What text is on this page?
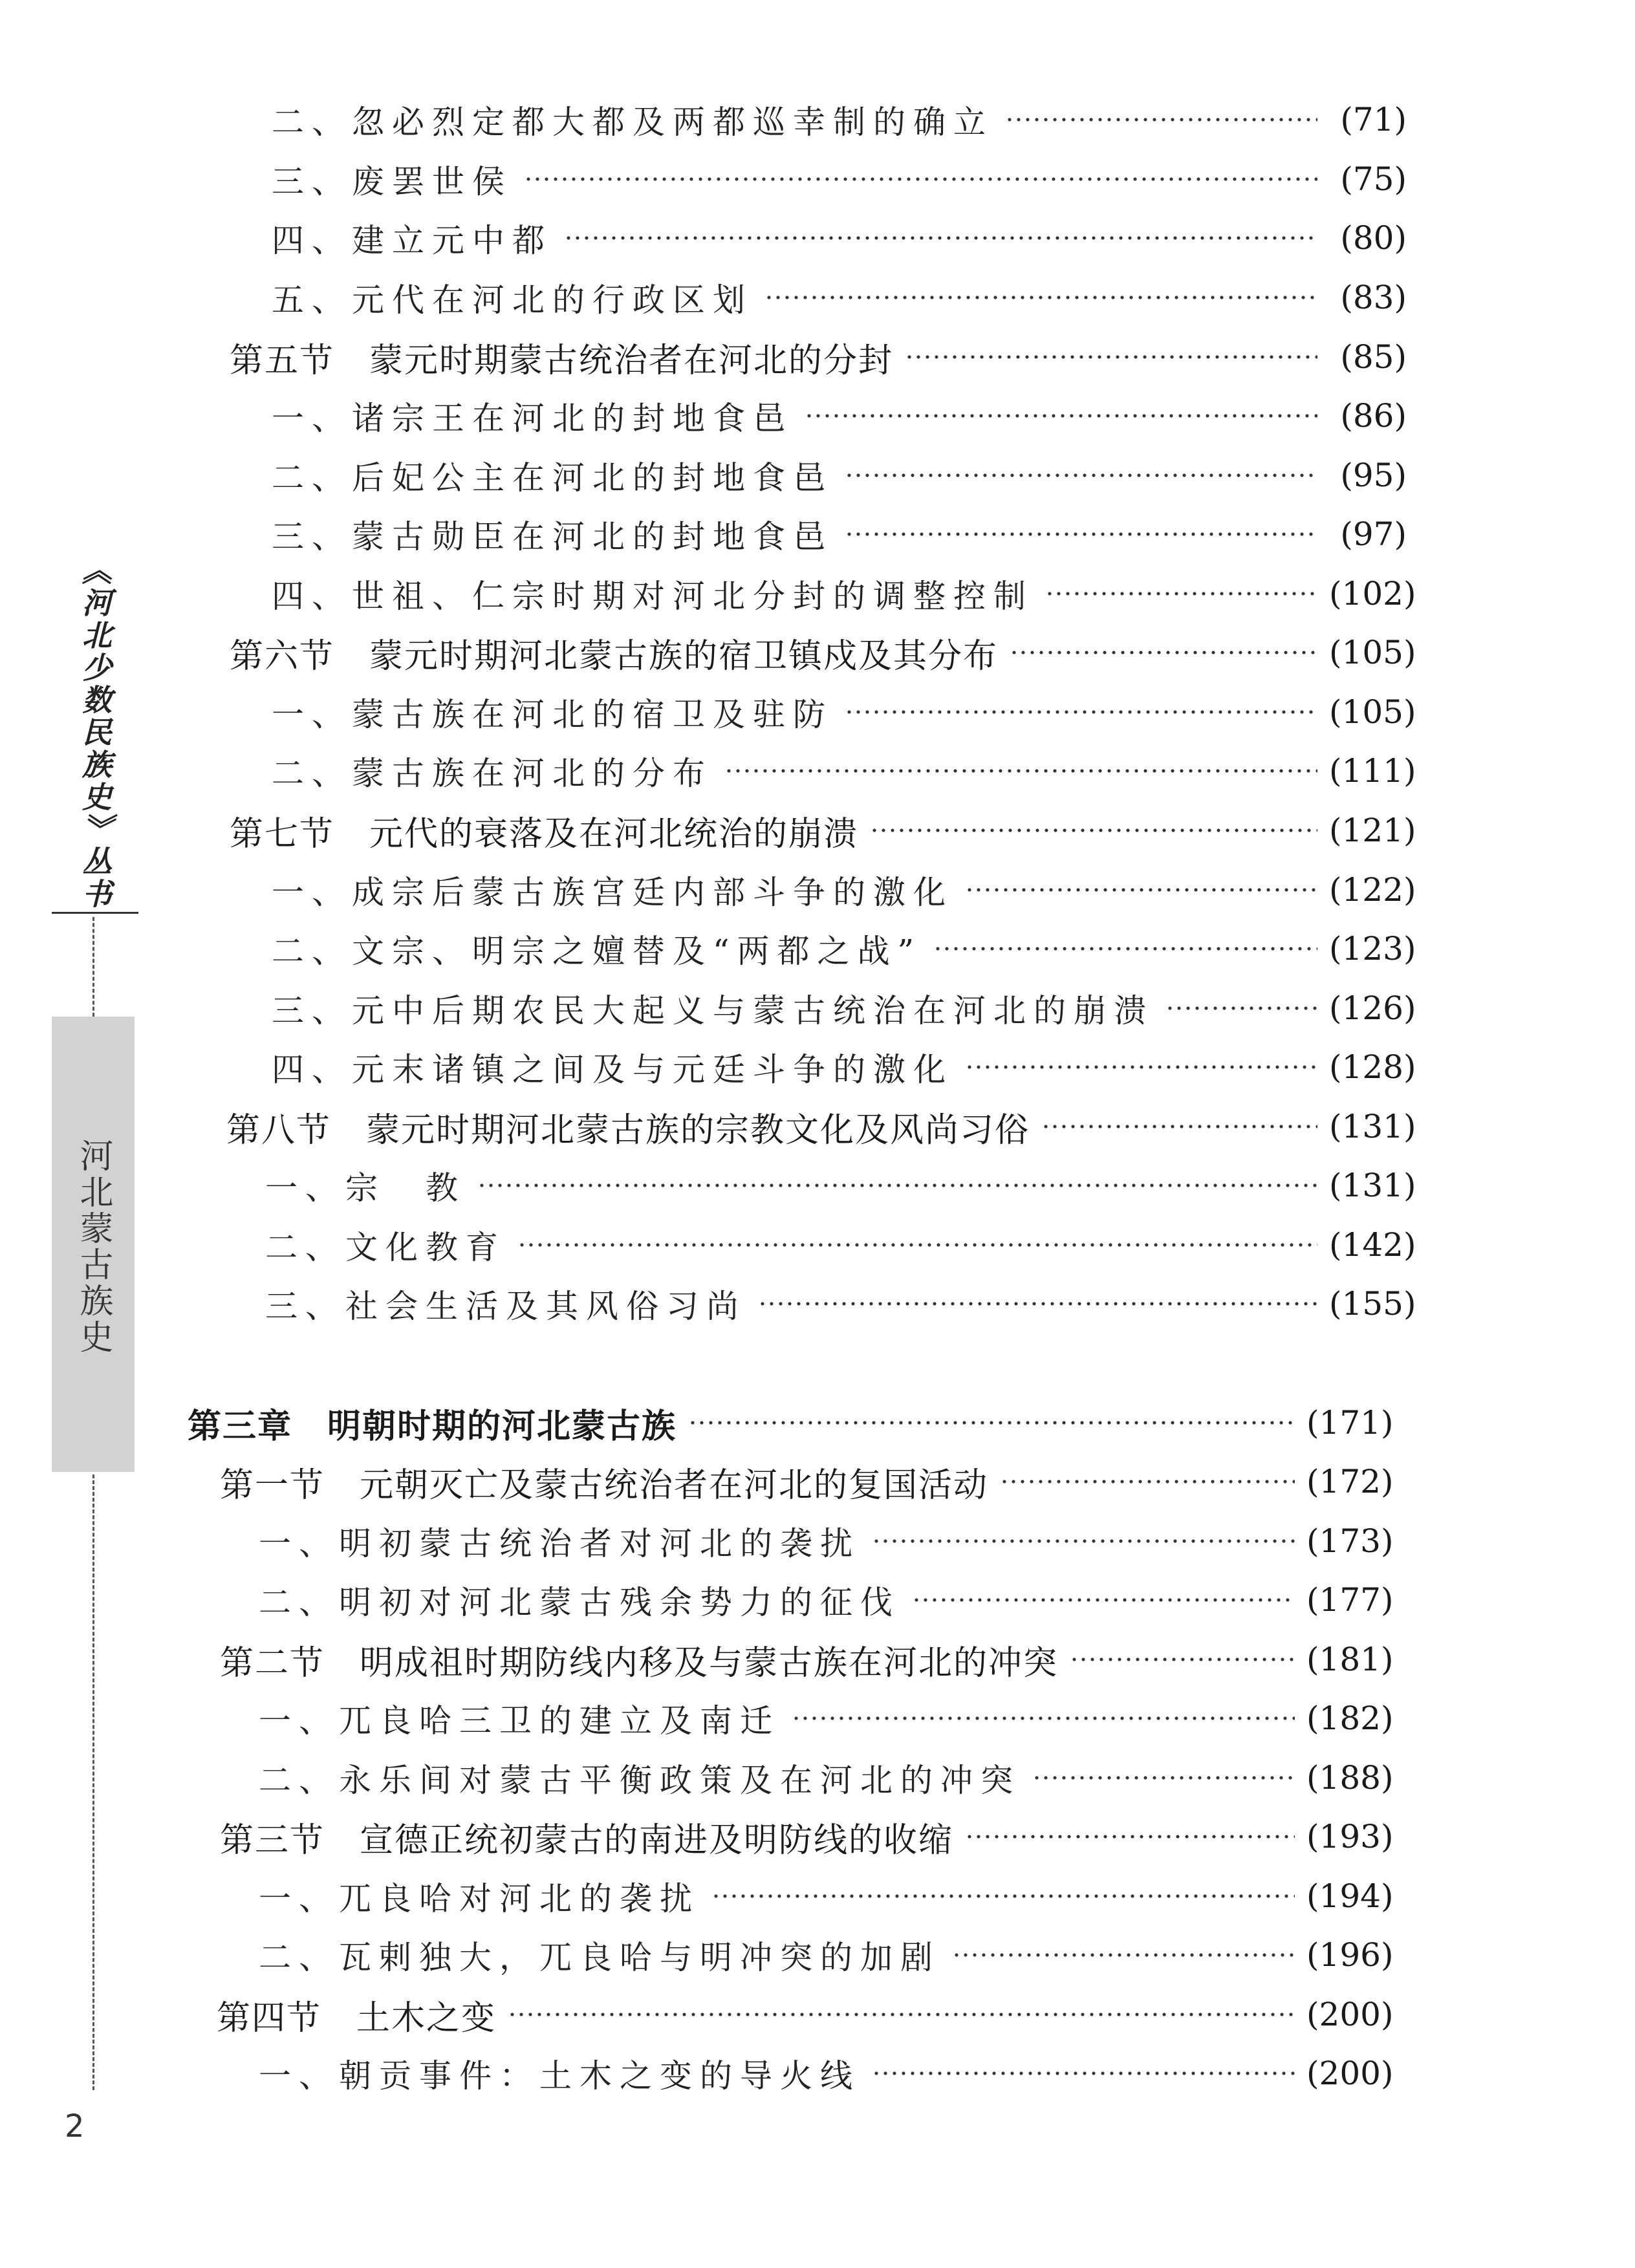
《河北少数民族史》丛书
河北蒙古族史
二、忽必烈定都大都及两都巡幸制的确立	(71)
三、废罢世侯	(75)
四、建立元中都	(80)
五、元代在河北的行政区划	(83)
第五节　蒙元时期蒙古统治者在河北的分封	(85)
一、诸宗王在河北的封地食邑	(86)
二、后妃公主在河北的封地食邑	(95)
三、蒙古勋臣在河北的封地食邑	(97)
四、世祖、仁宗时期对河北分封的调整控制	(102)
第六节　蒙元时期河北蒙古族的宿卫镇戍及其分布	(105)
一、蒙古族在河北的宿卫及驻防	(105)
二、蒙古族在河北的分布	(111)
第七节　元代的衰落及在河北统治的崩溃	(121)
一、成宗后蒙古族宫廷内部斗争的激化	(122)
二、文宗、明宗之嬗替及“两都之战”	(123)
三、元中后期农民大起义与蒙古统治在河北的崩溃	(126)
四、元末诸镇之间及与元廷斗争的激化	(128)
第八节　蒙元时期河北蒙古族的宗教文化及风尚习俗	(131)
一、宗　教	(131)
二、文化教育	(142)
三、社会生活及其风俗习尚	(155)
第三章　明朝时期的河北蒙古族	(171)
第一节　元朝灭亡及蒙古统治者在河北的复国活动	(172)
一、明初蒙古统治者对河北的袭扰	(173)
二、明初对河北蒙古残余势力的征伐	(177)
第二节　明成祖时期防线内移及与蒙古族在河北的冲突	(181)
一、兀良哈三卫的建立及南迁	(182)
二、永乐间对蒙古平衡政策及在河北的冲突	(188)
第三节　宣德正统初蒙古的南进及明防线的收缩	(193)
一、兀良哈对河北的袭扰	(194)
二、瓦剌独大，兀良哈与明冲突的加剧	(196)
第四节　土木之变	(200)
一、朝贡事件：土木之变的导火线	(200)
2
